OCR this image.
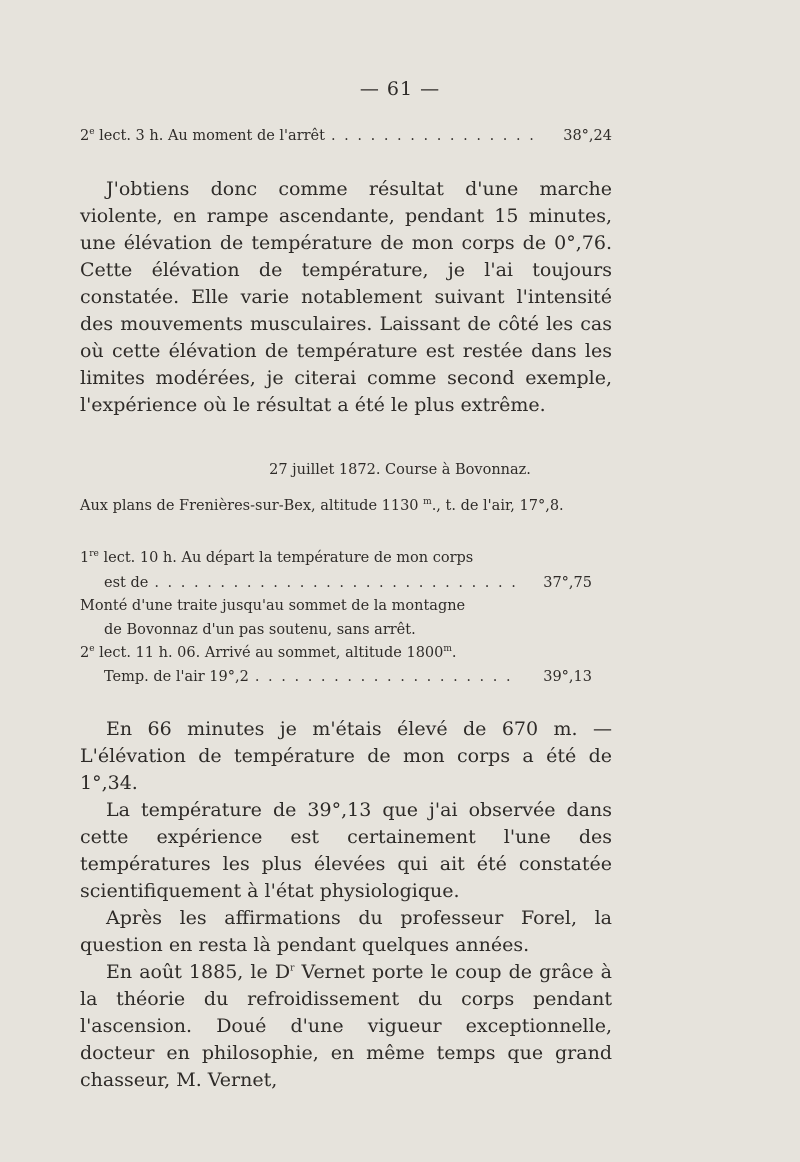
— 61 —
2e lect. 3 h. Au moment de l'arrêt . . .	38°,24

J'obtiens donc comme résultat d'une marche violente, en rampe ascendante, pendant 15 minutes, une élévation de température de mon corps de 0°,76. Cette élévation de température, je l'ai toujours constatée. Elle varie notablement suivant l'intensité des mouvements musculaires. Laissant de côté les cas où cette élévation de température est restée dans les limites modérées, je citerai comme second exemple, l'expérience où le résultat a été le plus extrême.

27 juillet 1872. Course à Bovonnaz.
Aux plans de Frenières-sur-Bex, altitude 1130 $^m$., t. de l'air, 17°,8.
1re lect. 10 h. Au départ la température de mon corps
est de . . .	37°,75
Monté d'une traite jusqu'au sommet de la montagne
de Bovonnaz d'un pas soutenu, sans arrêt.
2e lect. 11 h. 06. Arrivé au sommet, altitude 1800$^m$.
Temp. de l'air 19°,2 . . .	39°,13

En 66 minutes je m'étais élevé de 670 m. — L'élévation de température de mon corps a été de 1°,34.

La température de 39°,13 que j'ai observée dans cette expérience est certainement l'une des températures les plus élevées qui ait été constatée scientifiquement à l'état physiologique.

Après les affirmations du professeur Forel, la question en resta là pendant quelques années.

En août 1885, le $D^r$ Vernet porte le coup de grâce à la théorie du refroidissement du corps pendant l'ascension. Doué d'une vigueur exceptionnelle, docteur en philosophie, en même temps que grand chasseur, M. Vernet,
